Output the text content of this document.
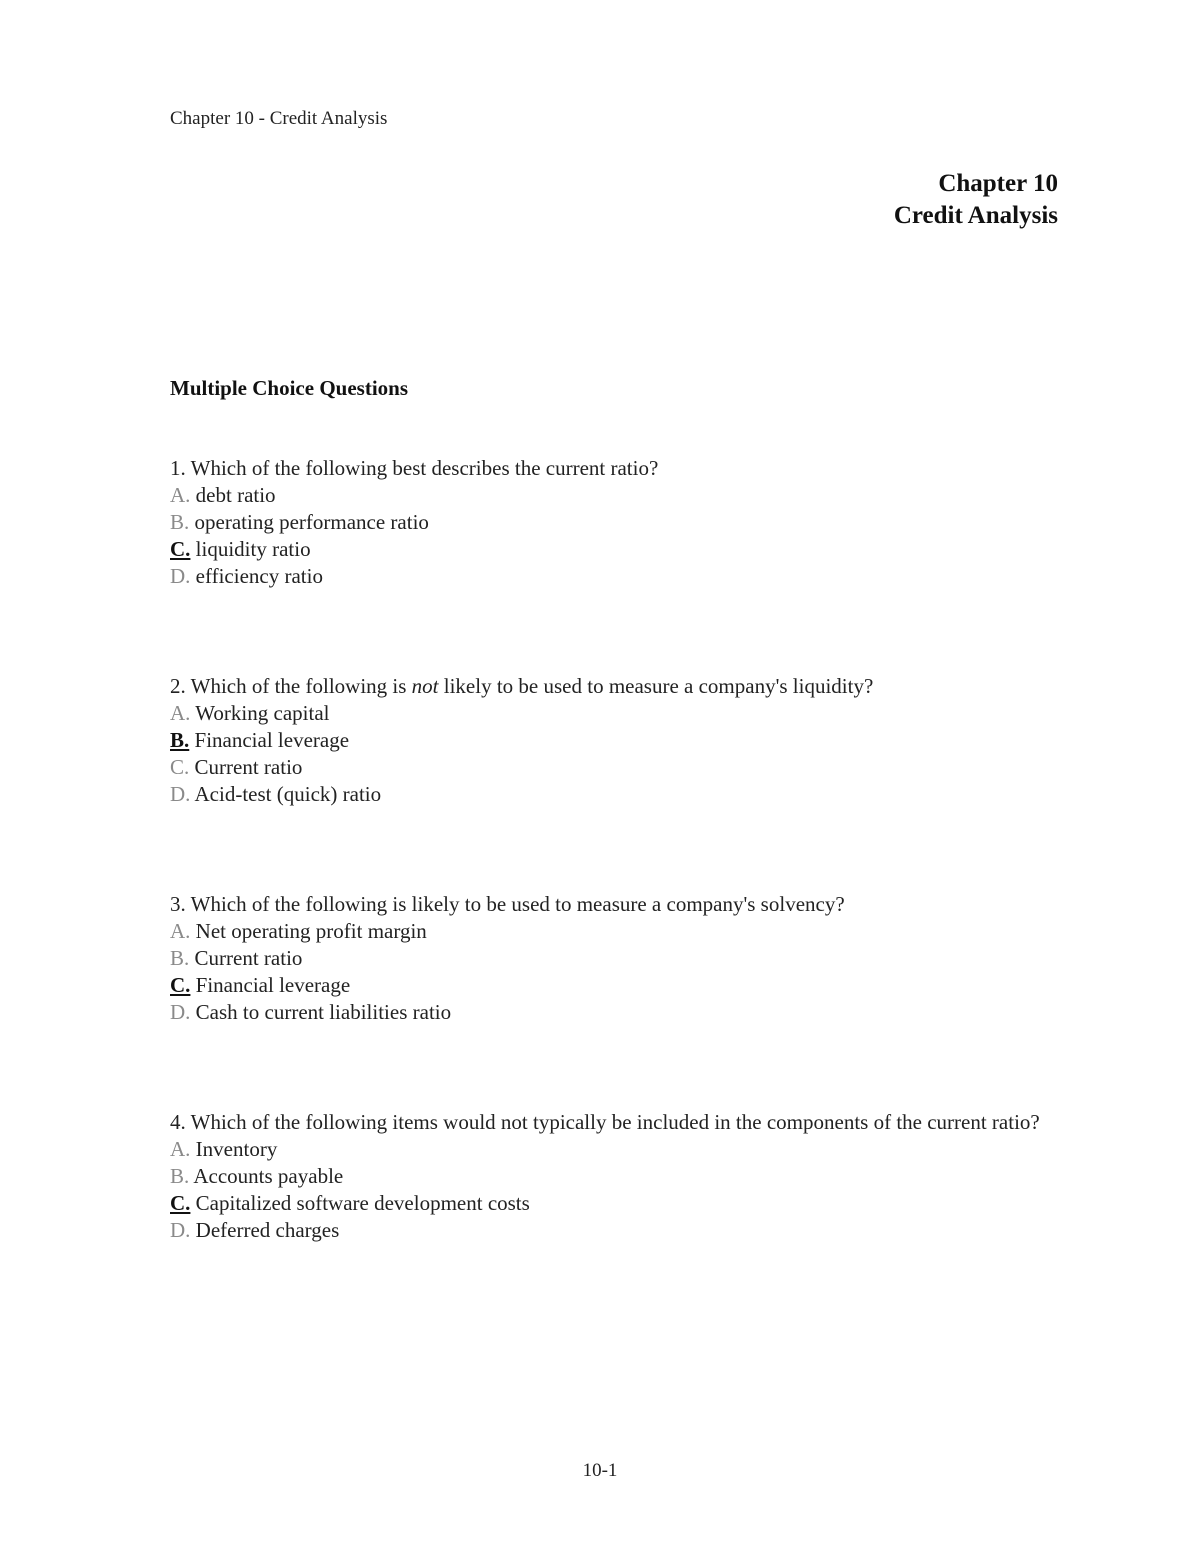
Chapter 10 - Credit Analysis
Chapter 10
Credit Analysis
Multiple Choice Questions
1. Which of the following best describes the current ratio?
A. debt ratio
B. operating performance ratio
C. liquidity ratio
D. efficiency ratio
2. Which of the following is not likely to be used to measure a company's liquidity?
A. Working capital
B. Financial leverage
C. Current ratio
D. Acid-test (quick) ratio
3. Which of the following is likely to be used to measure a company's solvency?
A. Net operating profit margin
B. Current ratio
C. Financial leverage
D. Cash to current liabilities ratio
4. Which of the following items would not typically be included in the components of the current ratio?
A. Inventory
B. Accounts payable
C. Capitalized software development costs
D. Deferred charges
10-1
